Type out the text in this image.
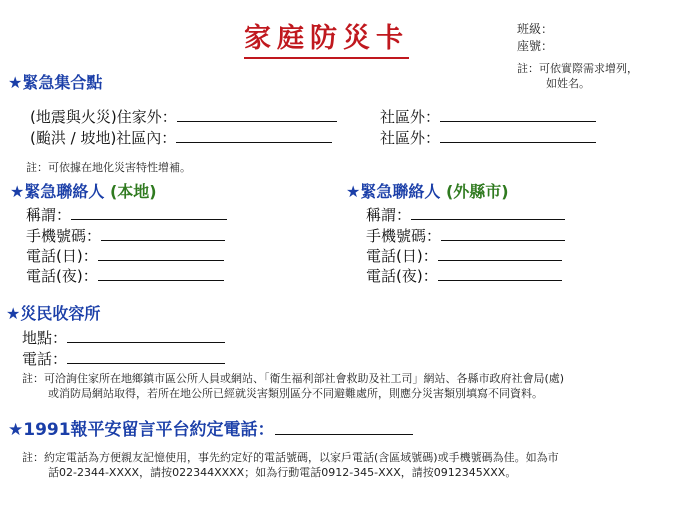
家庭防災卡	班級：
座號：
註：可依實際需求增列，
如姓名。
★緊急集合點
(地震與火災)住家外：	社區外：
(颱洪 / 坡地)社區內：	社區外：
註：可依據在地化災害特性增補。
★緊急聯絡人 (本地)	★緊急聯絡人 (外縣市)
稱謂：
手機號碼：
電話(日)：
電話(夜)：
稱謂：
手機號碼：
電話(日)：
電話(夜)：
★災民收容所
地點：
電話：
註：可洽詢住家所在地鄉鎮市區公所人員或網站、「衛生福利部社會救助及社工司」網站、各縣市政府社會局(處)
或消防局網站取得，若所在地公所已經就災害類別區分不同避難處所，則應分災害類別填寫不同資料。
★1991報平安留言平台約定電話：
註：約定電話為方便親友記憶使用，事先約定好的電話號碼，以家戶電話(含區域號碼)或手機號碼為佳。如為市
話02-2344-XXXX，請按022344XXXX；如為行動電話0912-345-XXX，請按0912345XXX。
